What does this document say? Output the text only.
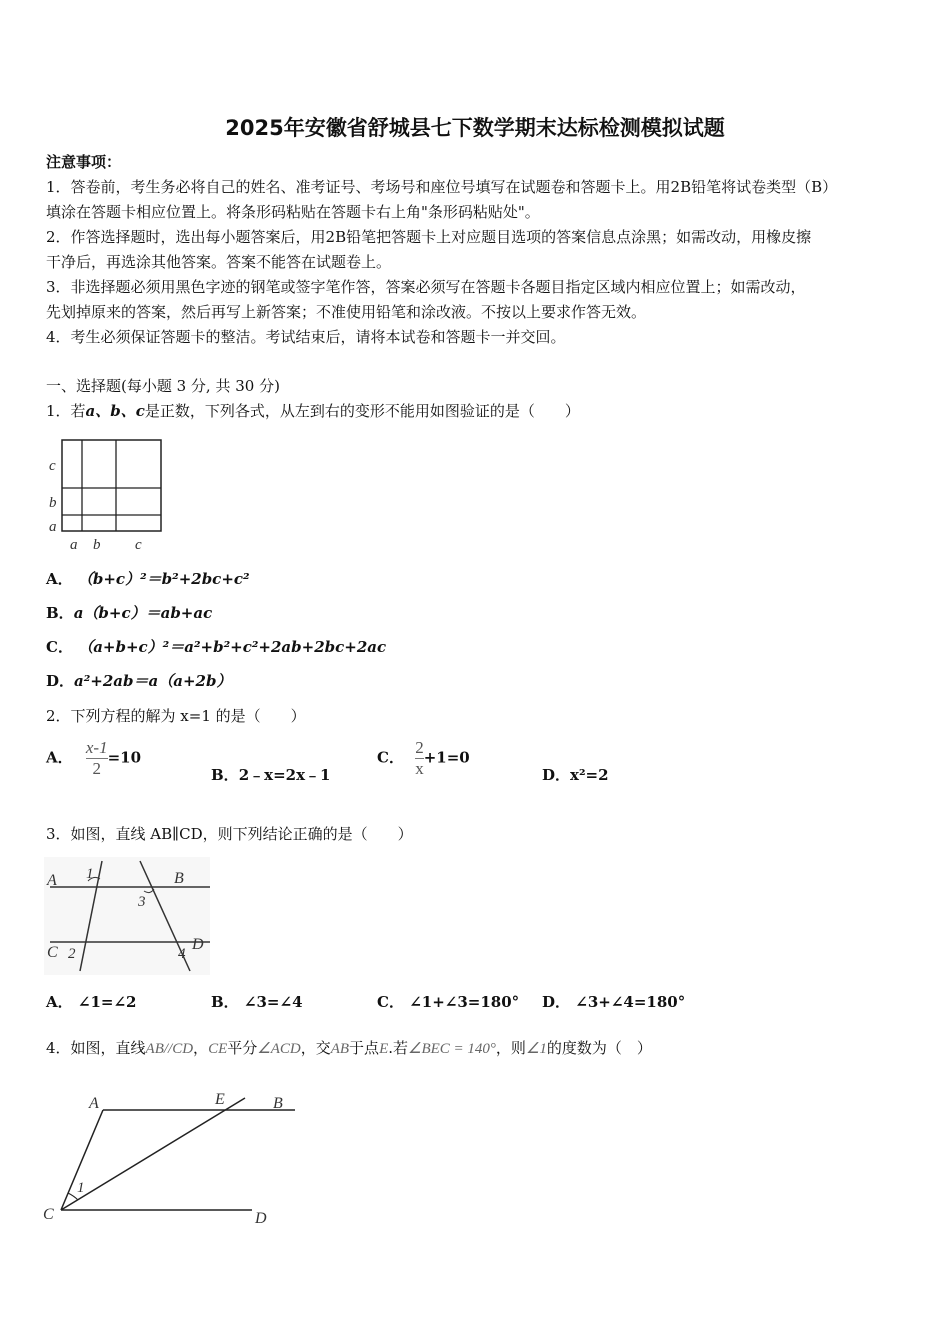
2025年安徽省舒城县七下数学期末达标检测模拟试题
注意事项：
1．答卷前，考生务必将自己的姓名、准考证号、考场号和座位号填写在试题卷和答题卡上。用2B铅笔将试卷类型（B）
填涂在答题卡相应位置上。将条形码粘贴在答题卡右上角"条形码粘贴处"。
2．作答选择题时，选出每小题答案后，用2B铅笔把答题卡上对应题目选项的答案信息点涂黑；如需改动，用橡皮擦
干净后，再选涂其他答案。答案不能答在试题卷上。
3．非选择题必须用黑色字迹的钢笔或签字笔作答，答案必须写在答题卡各题目指定区域内相应位置上；如需改动，
先划掉原来的答案，然后再写上新答案；不准使用铅笔和涂改液。不按以上要求作答无效。
4．考生必须保证答题卡的整洁。考试结束后，请将本试卷和答题卡一并交回。
一、选择题(每小题 3 分, 共 30 分)
1．若a、b、c是正数，下列各式，从左到右的变形不能用如图验证的是（　　）
c
b
a
a b c
A． （b+c）²＝b²+2bc+c²
B．a（b+c）＝ab+ac
C． （a+b+c）²＝a²+b²+c²+2ab+2bc+2ac
D．a²+2ab＝a（a+2b）
2．下列方程的解为 x=1 的是（　　）
A． $\frac{x-1}{2} =10$
B．2﹣x=2x﹣1
C． $\frac{2}{x} +1=0$
D．x²=2
3．如图，直线 AB∥CD，则下列结论正确的是（　　）
A 1	B
3
C 2	4
D
A． ∠1=∠2	B． ∠3=∠4	C． ∠1+∠3=180° D． ∠3+∠4=180°
4．如图，直线AB//CD，CE平分∠ACD，交AB于点E.若∠BEC = 140°，则∠1的度数为（　）
A	E	B
1
C	D
